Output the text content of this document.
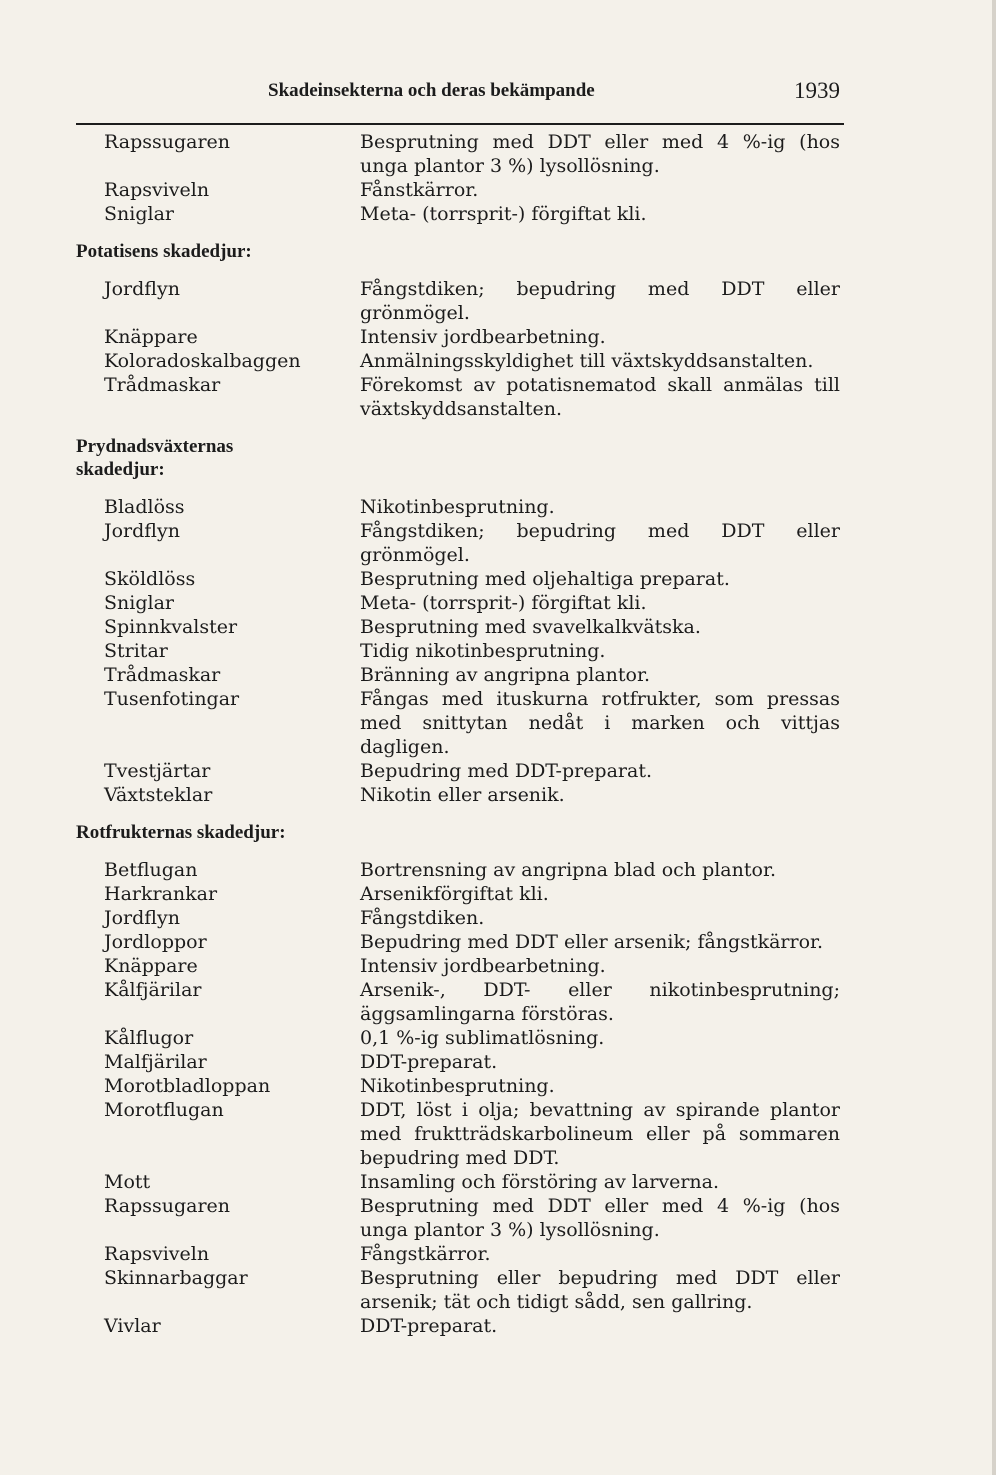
Skadeinsekterna och deras bekämpande	1939
Rapssugaren	Besprutning med DDT eller med 4 %-ig (hos unga plantor 3 %) lysollösning.
Rapsviveln	Fånstkärror.
Sniglar	Meta- (torrsprit-) förgiftat kli.
Potatisens skadedjur:
Jordflyn	Fångstdiken; bepudring med DDT eller grönmögel.
Knäppare	Intensiv jordbearbetning.
Koloradoskalbaggen	Anmälningsskyldighet till växtskyddsanstalten.
Trådmaskar	Förekomst av potatisnematod skall anmälas till växtskyddsanstalten.
Prydnadsväxternas skadedjur:
Bladlöss	Nikotinbesprutning.
Jordflyn	Fångstdiken; bepudring med DDT eller grönmögel.
Sköldlöss	Besprutning med oljehaltiga preparat.
Sniglar	Meta- (torrsprit-) förgiftat kli.
Spinnkvalster	Besprutning med svavelkalkvätska.
Stritar	Tidig nikotinbesprutning.
Trådmaskar	Bränning av angripna plantor.
Tusenfotingar	Fångas med ituskurna rotfrukter, som pressas med snittytan nedåt i marken och vittjas dagligen.
Tvestjärtar	Bepudring med DDT-preparat.
Växtsteklar	Nikotin eller arsenik.
Rotfrukternas skadedjur:
Betflugan	Bortrensning av angripna blad och plantor.
Harkrankar	Arsenikförgiftat kli.
Jordflyn	Fångstdiken.
Jordloppor	Bepudring med DDT eller arsenik; fångstkärror.
Knäppare	Intensiv jordbearbetning.
Kålfjärilar	Arsenik-, DDT- eller nikotinbesprutning; äggsamlingarna förstöras.
Kålflugor	0,1 %-ig sublimatlösning.
Malfjärilar	DDT-preparat.
Morotbladloppan	Nikotinbesprutning.
Morotflugan	DDT, löst i olja; bevattning av spirande plantor med fruktträdskarbolineum eller på sommaren bepudring med DDT.
Mott	Insamling och förstöring av larverna.
Rapssugaren	Besprutning med DDT eller med 4 %-ig (hos unga plantor 3 %) lysollösning.
Rapsviveln	Fångstkärror.
Skinnarbaggar	Besprutning eller bepudring med DDT eller arsenik; tät och tidigt sådd, sen gallring.
Vivlar	DDT-preparat.
